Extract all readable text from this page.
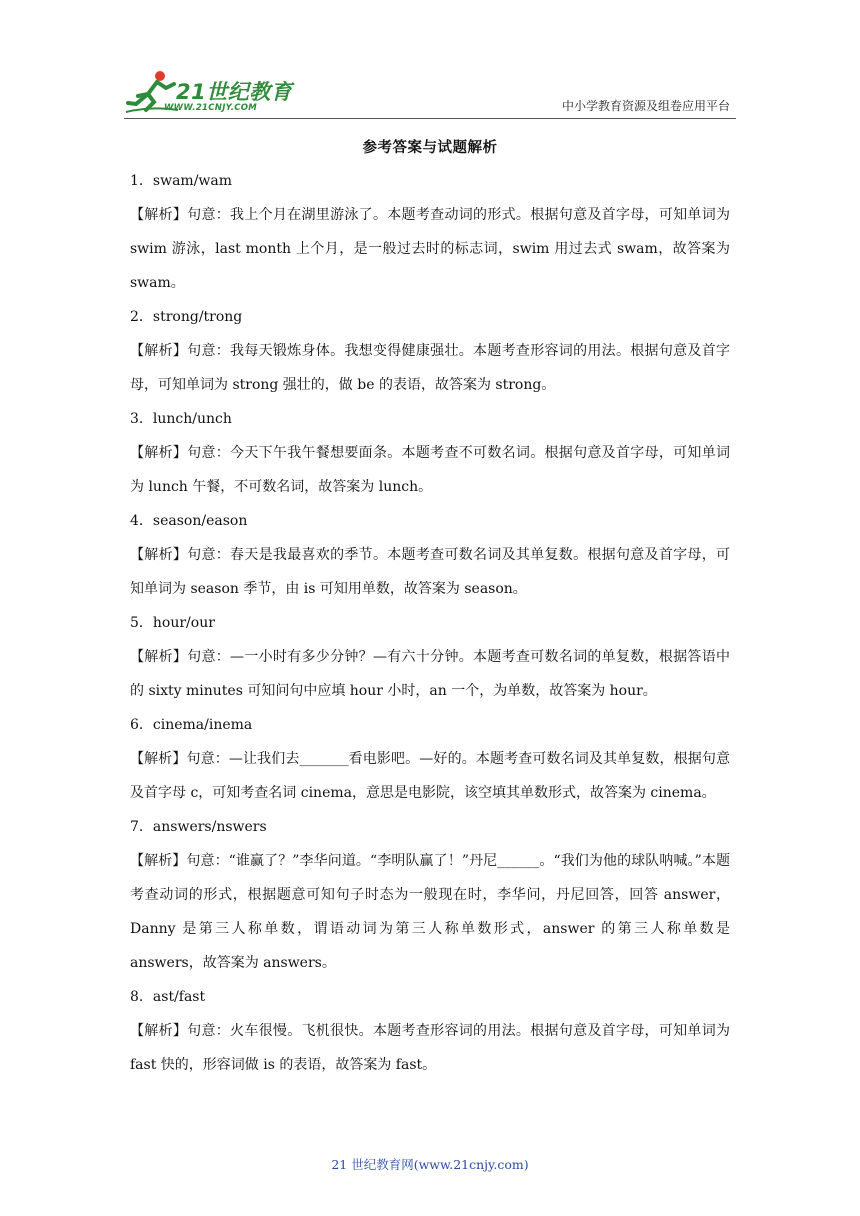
21世纪教育
WWW.21CNJY.COM	中小学教育资源及组卷应用平台
参考答案与试题解析

1．swam/wam

【解析】句意：我上个月在湖里游泳了。本题考查动词的形式。根据句意及首字母，可知单词为 swim 游泳，last month 上个月，是一般过去时的标志词，swim 用过去式 swam，故答案为 swam。

2．strong/trong

【解析】句意：我每天锻炼身体。我想变得健康强壮。本题考查形容词的用法。根据句意及首字母，可知单词为 strong 强壮的，做 be 的表语，故答案为 strong。

3．lunch/unch

【解析】句意：今天下午我午餐想要面条。本题考查不可数名词。根据句意及首字母，可知单词为 lunch 午餐，不可数名词，故答案为 lunch。

4．season/eason

【解析】句意：春天是我最喜欢的季节。本题考查可数名词及其单复数。根据句意及首字母，可知单词为 season 季节，由 is 可知用单数，故答案为 season。

5．hour/our

【解析】句意：—一小时有多少分钟？—有六十分钟。本题考查可数名词的单复数，根据答语中的 sixty minutes 可知问句中应填 hour 小时，an 一个，为单数，故答案为 hour。

6．cinema/inema

【解析】句意：—让我们去_______看电影吧。—好的。本题考查可数名词及其单复数，根据句意及首字母 c，可知考查名词 cinema，意思是电影院，该空填其单数形式，故答案为 cinema。

7．answers/nswers

【解析】句意：“谁赢了？”李华问道。“李明队赢了！”丹尼______。“我们为他的球队呐喊。”本题考查动词的形式，根据题意可知句子时态为一般现在时，李华问，丹尼回答，回答 answer，Danny 是第三人称单数，谓语动词为第三人称单数形式，answer 的第三人称单数是 answers，故答案为 answers。

8．ast/fast

【解析】句意：火车很慢。飞机很快。本题考查形容词的用法。根据句意及首字母，可知单词为 fast 快的，形容词做 is 的表语，故答案为 fast。

21 世纪教育网(www.21cnjy.com)
